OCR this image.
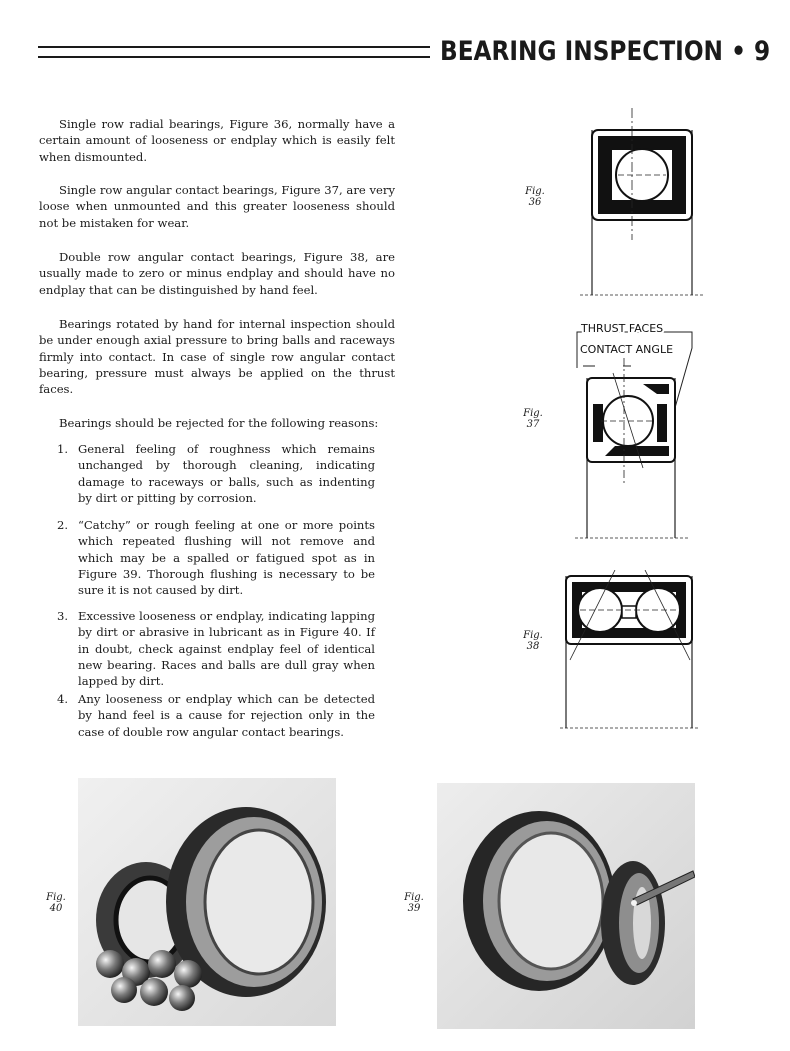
BEARING INSPECTION • 9

Single row radial bearings, Figure 36, normally have a certain amount of looseness or endplay which is easily felt when dismounted.

Single row angular contact bearings, Figure 37, are very loose when unmounted and this greater looseness should not be mistaken for wear.

Double row angular contact bearings, Figure 38, are usually made to zero or minus endplay and should have no endplay that can be distinguished by hand feel.

Bearings rotated by hand for internal inspection should be under enough axial pressure to bring balls and raceways firmly into contact. In case of single row angular contact bearing, pressure must always be applied on the thrust faces.

Bearings should be rejected for the following reasons:

1. General feeling of roughness which remains unchanged by thorough cleaning, indicating damage to raceways or balls, such as indenting by dirt or pitting by corrosion.
2. “Catchy” or rough feeling at one or more points which repeated flushing will not remove and which may be a spalled or fatigued spot as in Figure 39. Thorough flushing is necessary to be sure it is not caused by dirt.
3. Excessive looseness or endplay, indicating lapping by dirt or abrasive in lubricant as in Figure 40. If in doubt, check against endplay feel of identical new bearing. Races and balls are dull gray when lapped by dirt.
4. Any looseness or endplay which can be detected by hand feel is a cause for rejection only in the case of double row angular contact bearings.
Fig.
36
Fig.
37
THRUST FACES
CONTACT ANGLE
Fig.
38
Fig.
40
Fig.
39
